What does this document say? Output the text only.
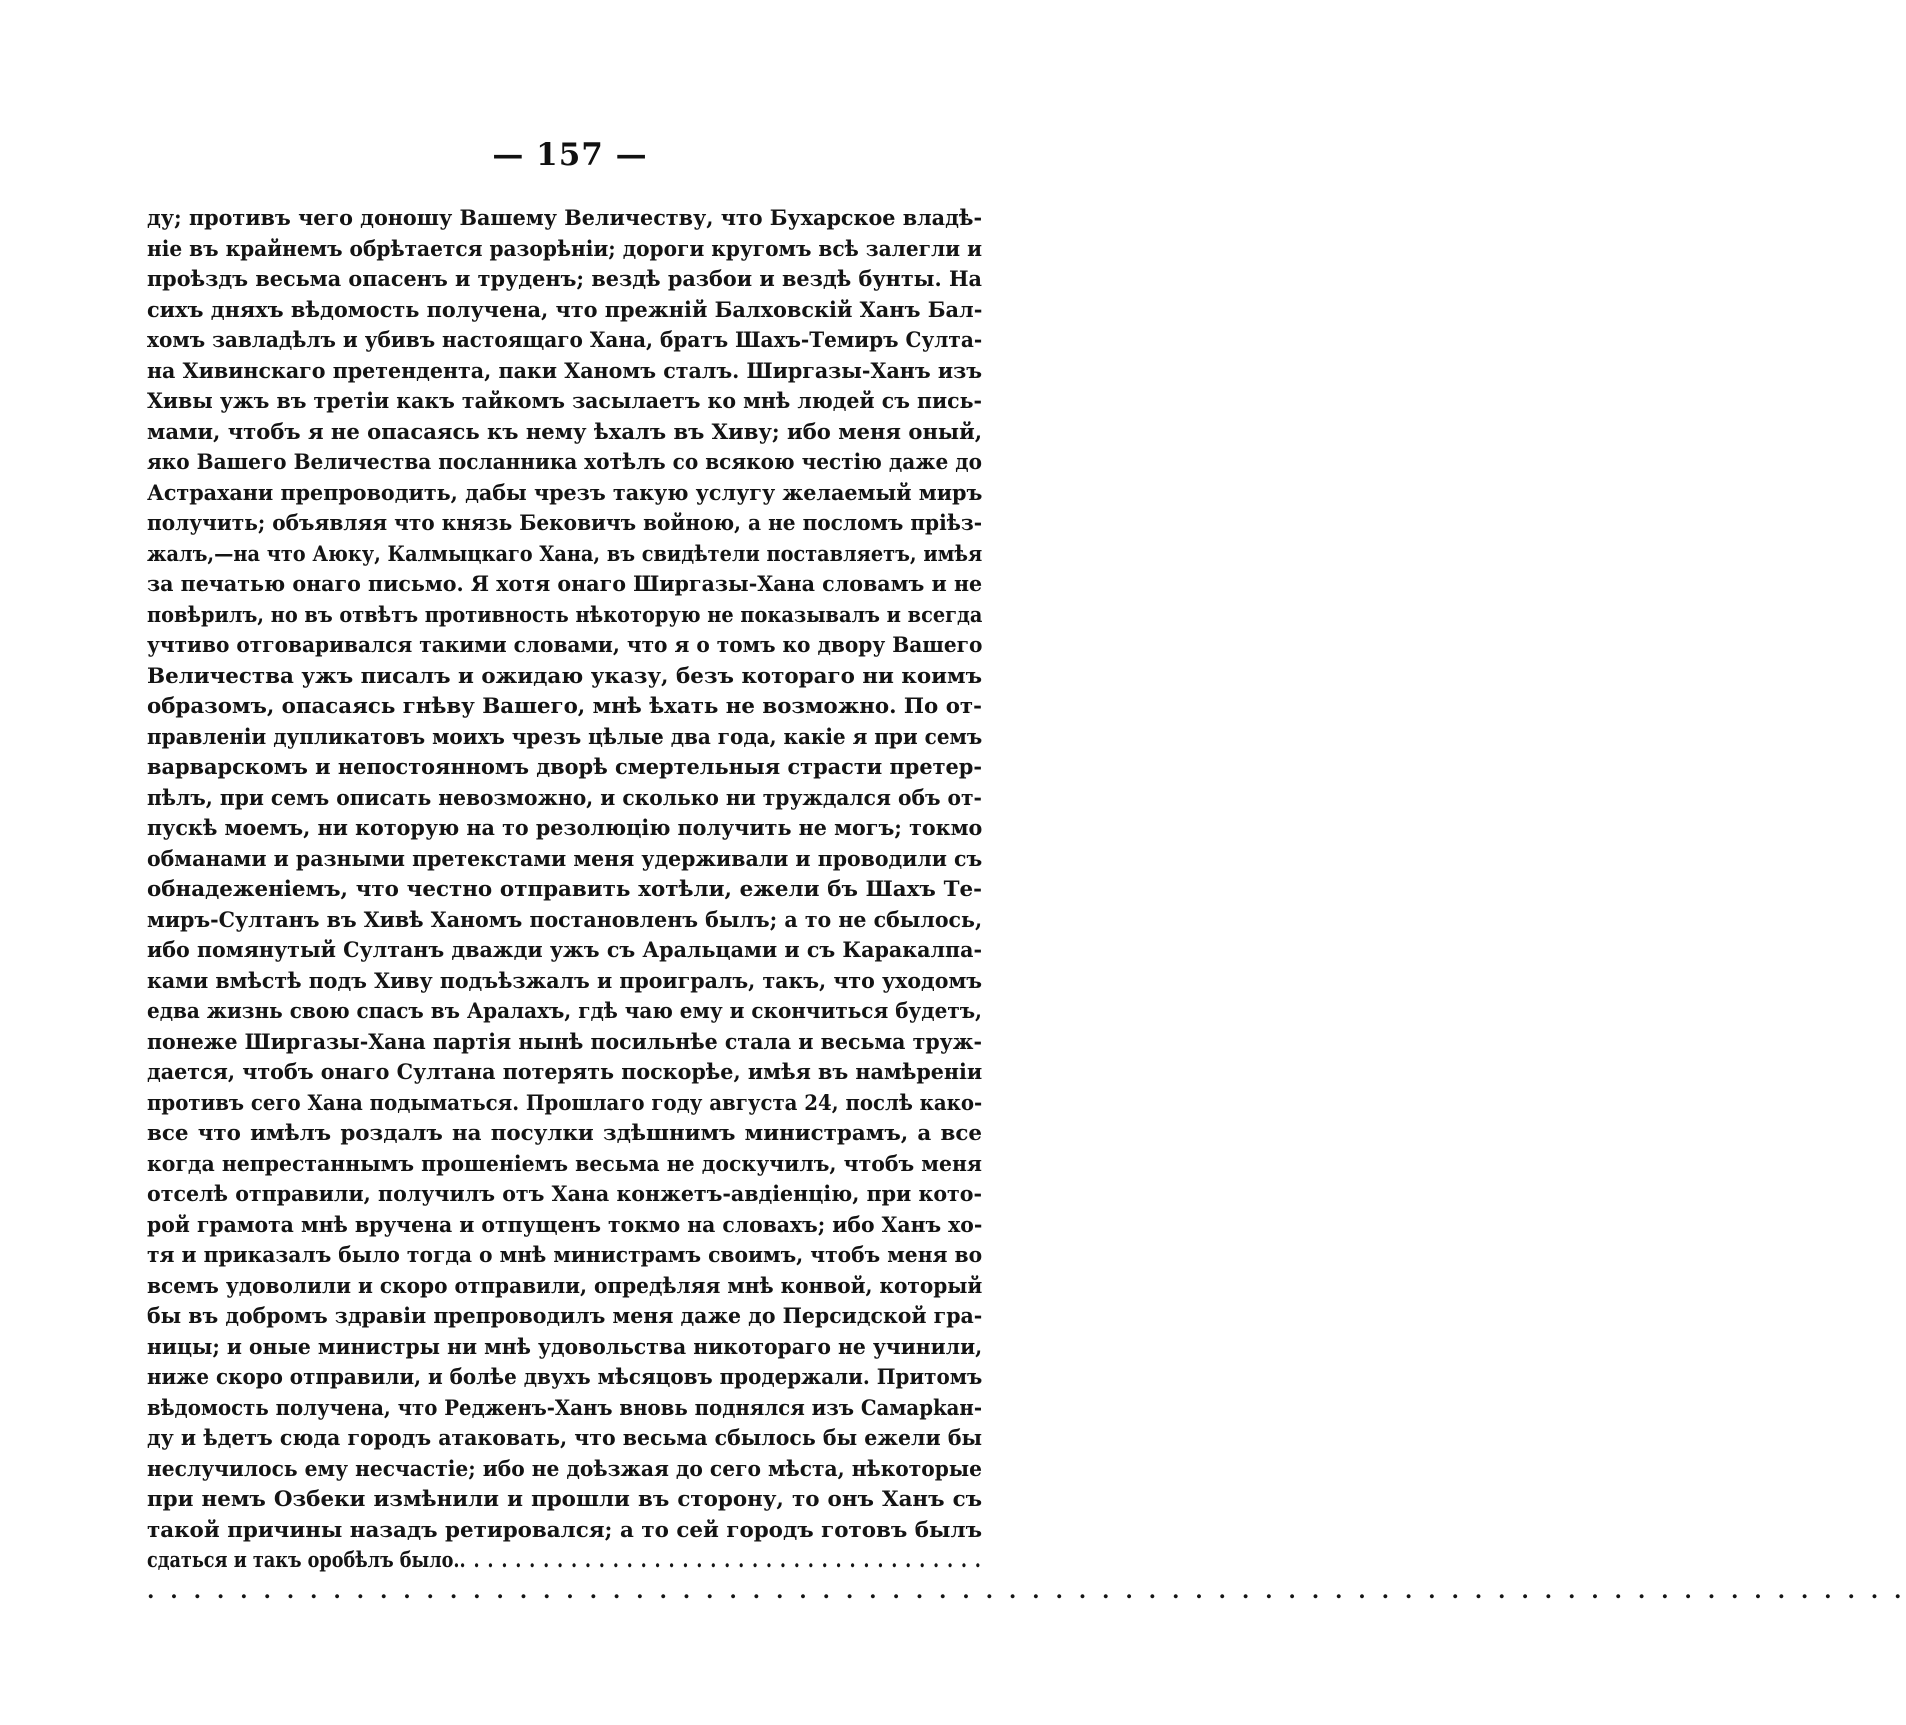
— 157 —
ду; противъ чего доношу Вашему Величеству, что Бухарское владѣ-
ніе въ крайнемъ обрѣтается разорѣніи; дороги кругомъ всѣ залегли и
проѣздъ весьма опасенъ и труденъ; вездѣ разбои и вездѣ бунты. На
сихъ дняхъ вѣдомость получена, что прежній Балховскій Ханъ Бал-
хомъ завладѣлъ и убивъ настоящаго Хана, братъ Шахъ-Темиръ Султа-
на Хивинскаго претендента, паки Ханомъ сталъ. Ширгазы-Ханъ изъ
Хивы ужъ въ третіи какъ тайкомъ засылаетъ ко мнѣ людей съ пись-
мами, чтобъ я не опасаясь къ нему ѣхалъ въ Хиву; ибо меня оный,
яко Вашего Величества посланника хотѣлъ со всякою честію даже до
Астрахани препроводить, дабы чрезъ такую услугу желаемый миръ
получить; объявляя что князь Бековичъ войною, а не посломъ пріѣз-
жалъ,—на что Аюку, Калмыцкаго Хана, въ свидѣтели поставляетъ, имѣя
за печатью онаго письмо. Я хотя онаго Ширгазы-Хана словамъ и не
повѣрилъ, но въ отвѣтъ противность нѣкоторую не показывалъ и всегда
учтиво отговаривался такими словами, что я о томъ ко двору Вашего
Величества ужъ писалъ и ожидаю указу, безъ котораго ни коимъ
образомъ, опасаясь гнѣву Вашего, мнѣ ѣхать не возможно. По от-
правленіи дупликатовъ моихъ чрезъ цѣлые два года, какіе я при семъ
варварскомъ и непостоянномъ дворѣ смертельныя страсти претер-
пѣлъ, при семъ описать невозможно, и сколько ни труждался объ от-
пускѣ моемъ, ни которую на то резолюцію получить не могъ; токмо
обманами и разными претекстами меня удерживали и проводили съ
обнадеженіемъ, что честно отправить хотѣли, ежели бъ Шахъ Те-
миръ-Султанъ въ Хивѣ Ханомъ постановленъ былъ; а то не сбылось,
ибо помянутый Султанъ дважди ужъ съ Аральцами и съ Каракалпа-
ками вмѣстѣ подъ Хиву подъѣзжалъ и проигралъ, такъ, что уходомъ
едва жизнь свою спасъ въ Аралахъ, гдѣ чаю ему и скончиться будетъ,
понеже Ширгазы-Хана партія нынѣ посильнѣе стала и весьма труж-
дается, чтобъ онаго Султана потерять поскорѣе, имѣя въ намѣреніи
противъ сего Хана подыматься. Прошлаго году августа 24, послѣ како-
все что имѣлъ роздалъ на посулки здѣшнимъ министрамъ, а все
когда непрестаннымъ прошеніемъ весьма не доскучилъ, чтобъ меня
отселѣ отправили, получилъ отъ Хана конжетъ-авдіенцію, при кото-
рой грамота мнѣ вручена и отпущенъ токмо на словахъ; ибо Ханъ хо-
тя и приказалъ было тогда о мнѣ министрамъ своимъ, чтобъ меня во
всемъ удоволили и скоро отправили, опредѣляя мнѣ конвой, который
бы въ добромъ здравіи препроводилъ меня даже до Персидской гра-
ницы; и оные министры ни мнѣ удовольства никотораго не учинили,
ниже скоро отправили, и болѣе двухъ мѣсяцовъ продержали. Притомъ
вѣдомость получена, что Редженъ-Ханъ вновь поднялся изъ Самарkан-
ду и ѣдетъ сюда городъ атаковать, что весьма сбылось бы ежели бы
неслучилось ему несчастіе; ибо не доѣзжая до сего мѣста, нѣкоторые
при немъ Озбеки измѣнили и прошли въ сторону, то онъ Ханъ съ
такой причины назадъ ретировался; а то сей городъ готовъ былъ
сдаться и такъ оробѣлъ было.. . . . . . . . . . . . . . . . . . . . . . . . . . . . . . . . . . . . . .
. . . . . . . . . . . . . . . . . . . . . . . . . . . . . . . . . . . . . . . . . . . . . . . . . . . . . . . . . . . . . . . . . . . . . . . . . . . .
